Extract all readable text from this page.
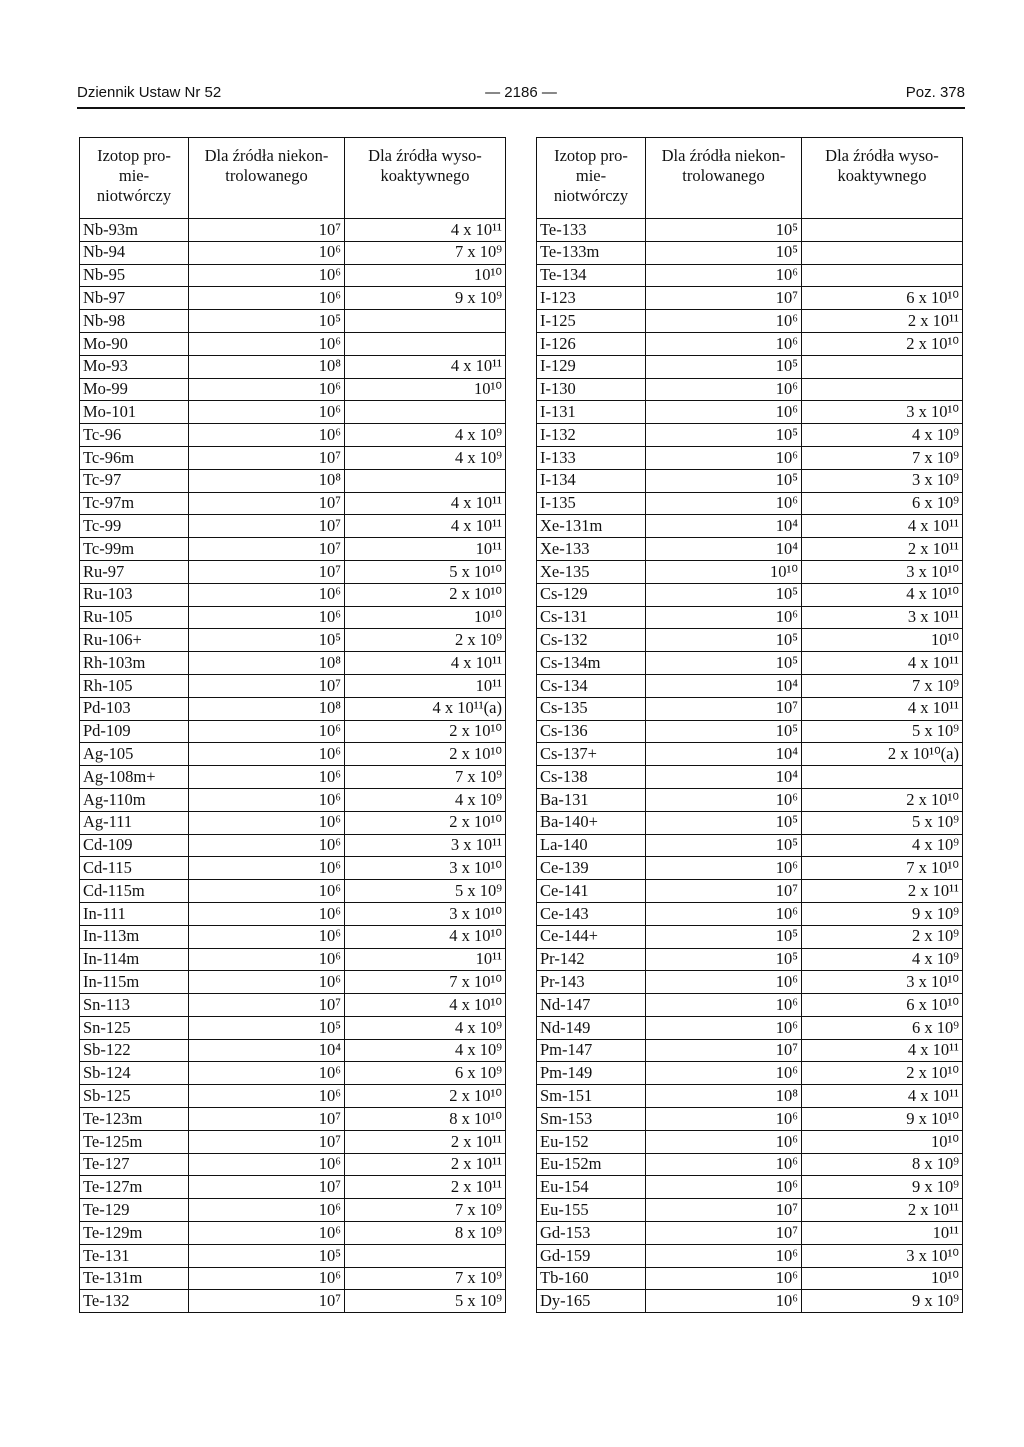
Dziennik Ustaw Nr 52	— 2186 —	Poz. 378
Izotop pro- mie- niotwórczy	Dla źródła niekon- trolowanego	Dla źródła wyso- koaktywnego
Nb-93m	10⁷	4 x 10¹¹
Nb-94	10⁶	7 x 10⁹
Nb-95	10⁶	10¹⁰
Nb-97	10⁶	9 x 10⁹
Nb-98	10⁵	
Mo-90	10⁶	
Mo-93	10⁸	4 x 10¹¹
Mo-99	10⁶	10¹⁰
Mo-101	10⁶	
Tc-96	10⁶	4 x 10⁹
Tc-96m	10⁷	4 x 10⁹
Tc-97	10⁸	
Tc-97m	10⁷	4 x 10¹¹
Tc-99	10⁷	4 x 10¹¹
Tc-99m	10⁷	10¹¹
Ru-97	10⁷	5 x 10¹⁰
Ru-103	10⁶	2 x 10¹⁰
Ru-105	10⁶	10¹⁰
Ru-106+	10⁵	2 x 10⁹
Rh-103m	10⁸	4 x 10¹¹
Rh-105	10⁷	10¹¹
Pd-103	10⁸	4 x 10¹¹(a)
Pd-109	10⁶	2 x 10¹⁰
Ag-105	10⁶	2 x 10¹⁰
Ag-108m+	10⁶	7 x 10⁹
Ag-110m	10⁶	4 x 10⁹
Ag-111	10⁶	2 x 10¹⁰
Cd-109	10⁶	3 x 10¹¹
Cd-115	10⁶	3 x 10¹⁰
Cd-115m	10⁶	5 x 10⁹
In-111	10⁶	3 x 10¹⁰
In-113m	10⁶	4 x 10¹⁰
In-114m	10⁶	10¹¹
In-115m	10⁶	7 x 10¹⁰
Sn-113	10⁷	4 x 10¹⁰
Sn-125	10⁵	4 x 10⁹
Sb-122	10⁴	4 x 10⁹
Sb-124	10⁶	6 x 10⁹
Sb-125	10⁶	2 x 10¹⁰
Te-123m	10⁷	8 x 10¹⁰
Te-125m	10⁷	2 x 10¹¹
Te-127	10⁶	2 x 10¹¹
Te-127m	10⁷	2 x 10¹¹
Te-129	10⁶	7 x 10⁹
Te-129m	10⁶	8 x 10⁹
Te-131	10⁵	
Te-131m	10⁶	7 x 10⁹
Te-132	10⁷	5 x 10⁹
Izotop pro- mie- niotwórczy	Dla źródła niekon- trolowanego	Dla źródła wyso- koaktywnego
Te-133	10⁵	
Te-133m	10⁵	
Te-134	10⁶	
I-123	10⁷	6 x 10¹⁰
I-125	10⁶	2 x 10¹¹
I-126	10⁶	2 x 10¹⁰
I-129	10⁵	
I-130	10⁶	
I-131	10⁶	3 x 10¹⁰
I-132	10⁵	4 x 10⁹
I-133	10⁶	7 x 10⁹
I-134	10⁵	3 x 10⁹
I-135	10⁶	6 x 10⁹
Xe-131m	10⁴	4 x 10¹¹
Xe-133	10⁴	2 x 10¹¹
Xe-135	10¹⁰	3 x 10¹⁰
Cs-129	10⁵	4 x 10¹⁰
Cs-131	10⁶	3 x 10¹¹
Cs-132	10⁵	10¹⁰
Cs-134m	10⁵	4 x 10¹¹
Cs-134	10⁴	7 x 10⁹
Cs-135	10⁷	4 x 10¹¹
Cs-136	10⁵	5 x 10⁹
Cs-137+	10⁴	2 x 10¹⁰(a)
Cs-138	10⁴	
Ba-131	10⁶	2 x 10¹⁰
Ba-140+	10⁵	5 x 10⁹
La-140	10⁵	4 x 10⁹
Ce-139	10⁶	7 x 10¹⁰
Ce-141	10⁷	2 x 10¹¹
Ce-143	10⁶	9 x 10⁹
Ce-144+	10⁵	2 x 10⁹
Pr-142	10⁵	4 x 10⁹
Pr-143	10⁶	3 x 10¹⁰
Nd-147	10⁶	6 x 10¹⁰
Nd-149	10⁶	6 x 10⁹
Pm-147	10⁷	4 x 10¹¹
Pm-149	10⁶	2 x 10¹⁰
Sm-151	10⁸	4 x 10¹¹
Sm-153	10⁶	9 x 10¹⁰
Eu-152	10⁶	10¹⁰
Eu-152m	10⁶	8 x 10⁹
Eu-154	10⁶	9 x 10⁹
Eu-155	10⁷	2 x 10¹¹
Gd-153	10⁷	10¹¹
Gd-159	10⁶	3 x 10¹⁰
Tb-160	10⁶	10¹⁰
Dy-165	10⁶	9 x 10⁹
